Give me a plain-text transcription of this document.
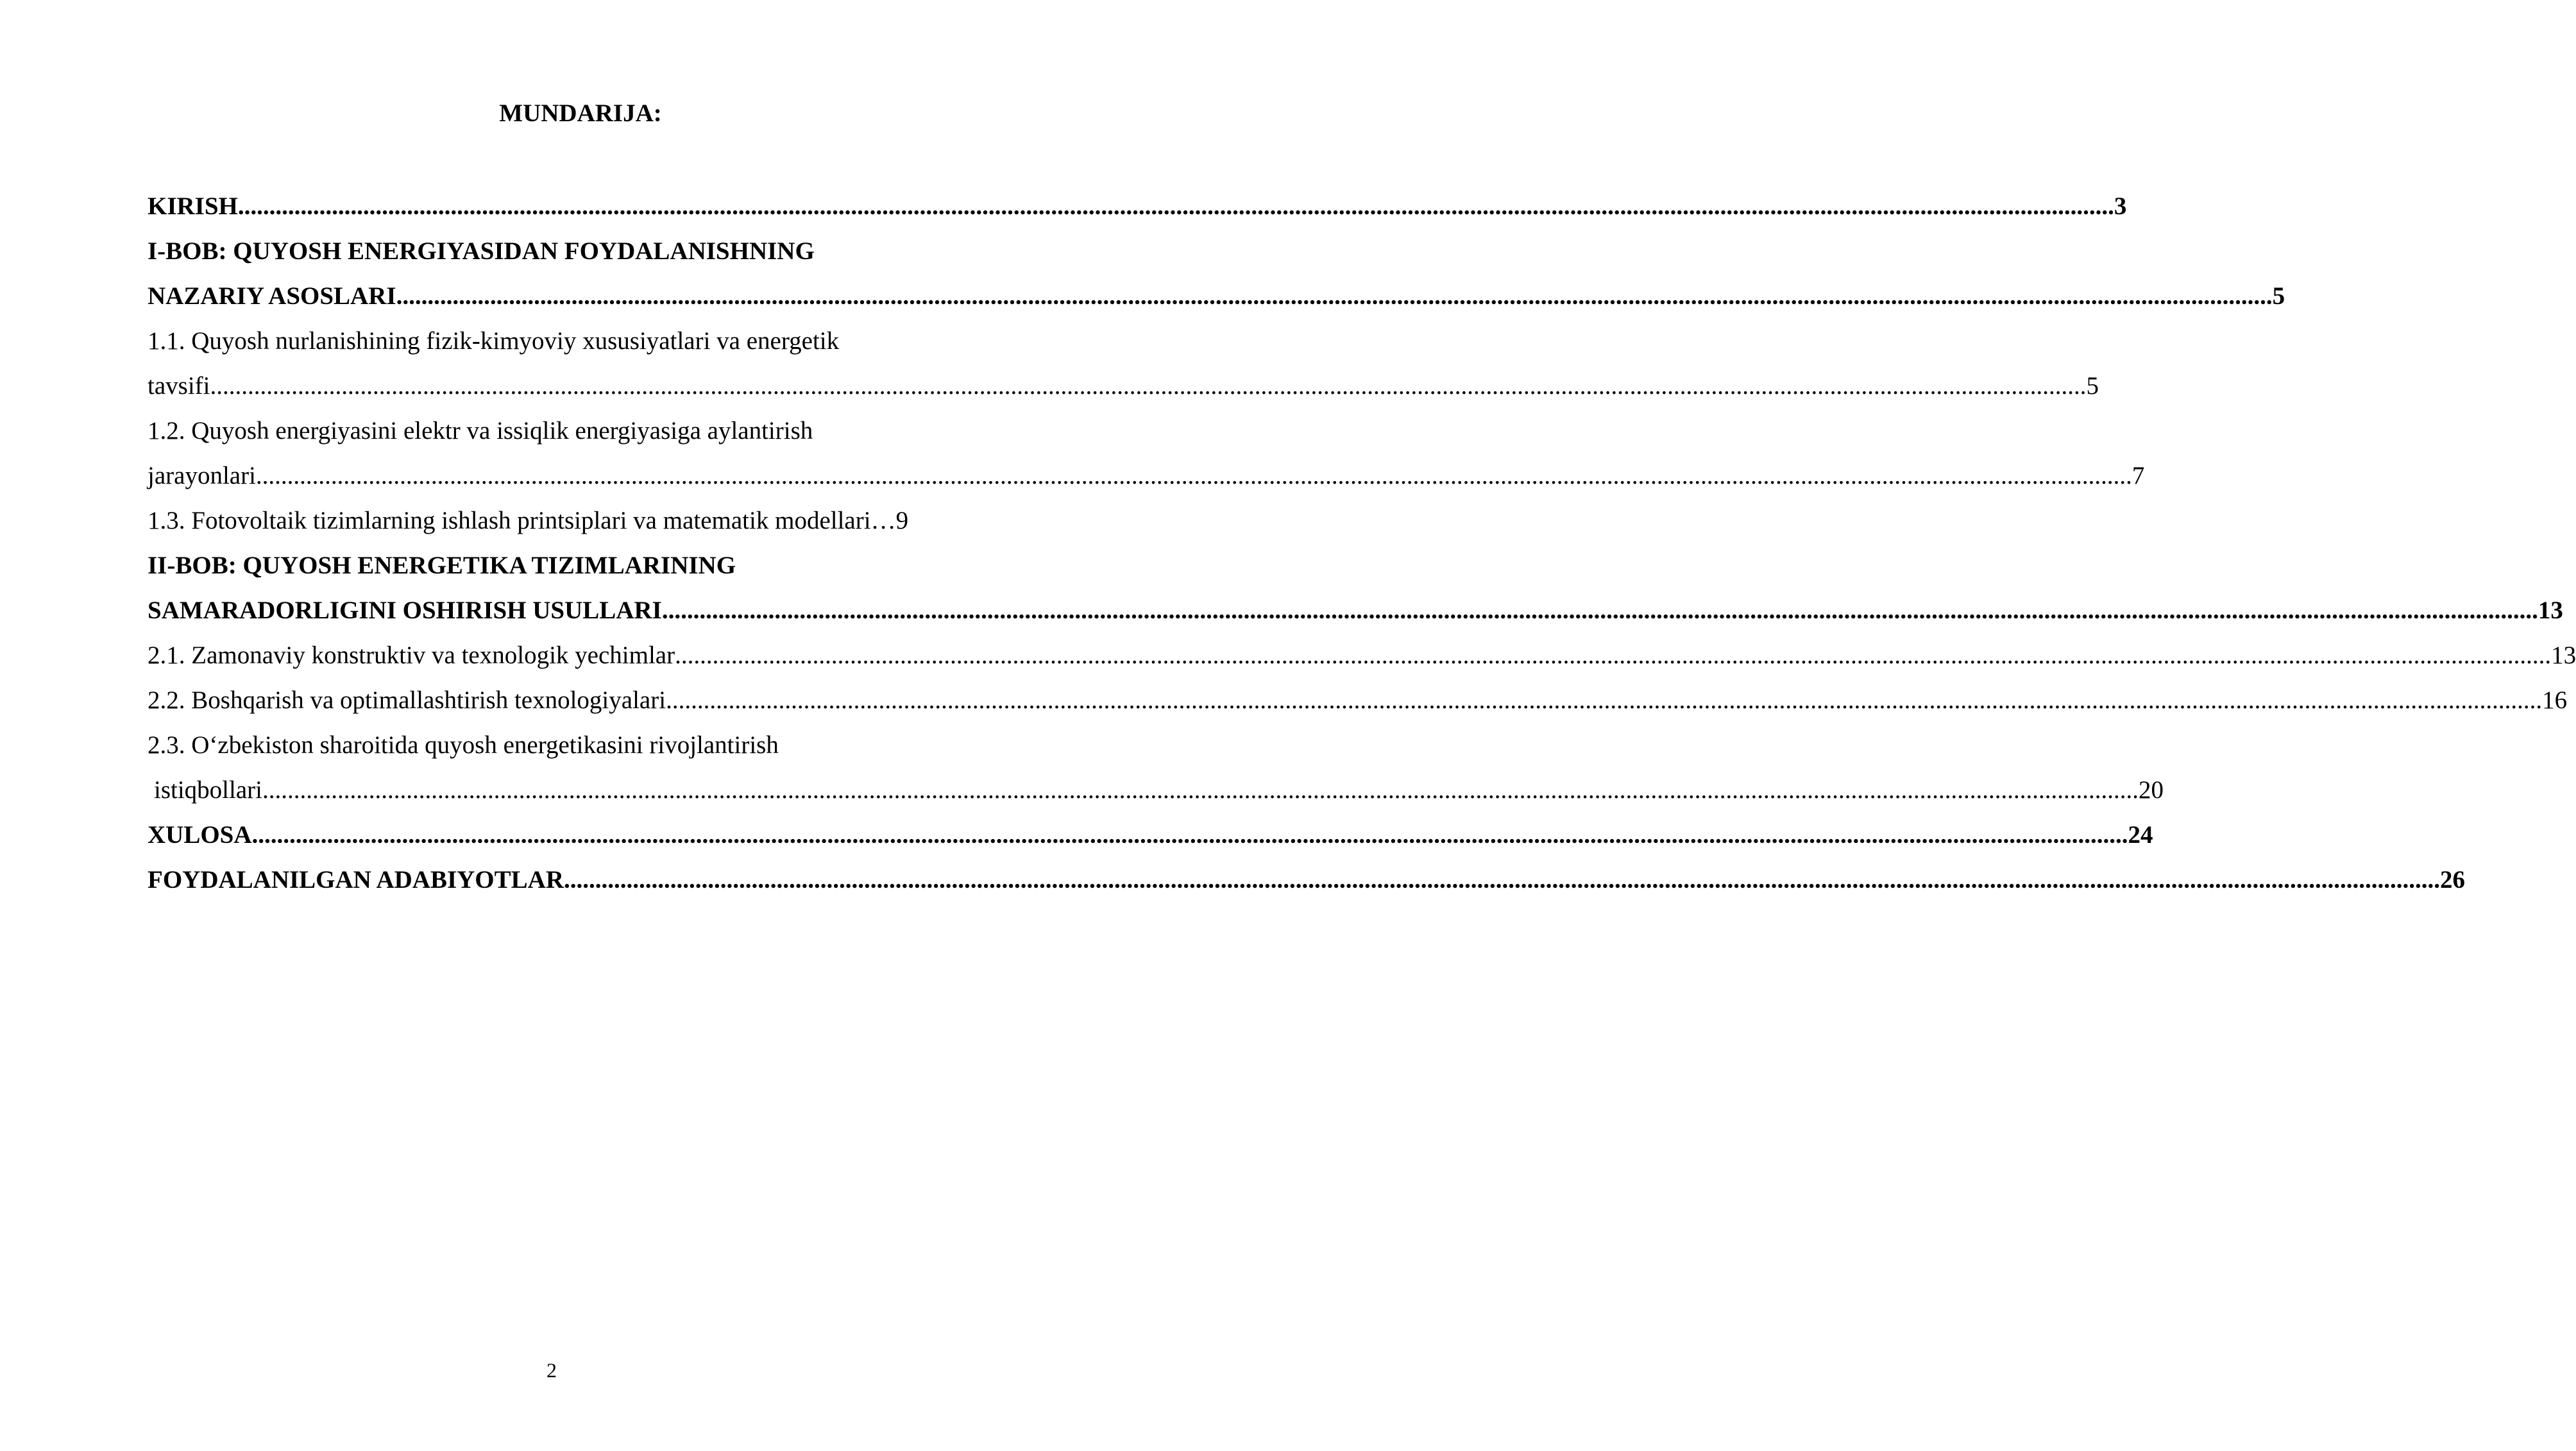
MUNDARIJA:
KIRISH ............................................................................................................................................................................................................................................................................................................ 3
I-BOB: QUYOSH ENERGIYASIDAN FOYDALANISHNING
NAZARIY ASOSLARI ............................................................................................................................................................................................................................................................................................................ 5
1.1. Quyosh nurlanishining fizik-kimyoviy xususiyatlari va energetik
tavsifi ............................................................................................................................................................................................................................................................................................................ 5
1.2. Quyosh energiyasini elektr va issiqlik energiyasiga aylantirish
jarayonlari ............................................................................................................................................................................................................................................................................................................ 7
1.3. Fotovoltaik tizimlarning ishlash printsiplari va matematik modellari … 9
II-BOB: QUYOSH ENERGETIKA TIZIMLARINING
SAMARADORLIGINI OSHIRISH USULLARI ............................................................................................................................................................................................................................................................................................................ 13
2.1. Zamonaviy konstruktiv va texnologik yechimlar ............................................................................................................................................................................................................................................................................................................ 13
2.2. Boshqarish va optimallashtirish texnologiyalari ............................................................................................................................................................................................................................................................................................................ 16
2.3. O‘zbekiston sharoitida quyosh energetikasini rivojlantirish
istiqbollari ............................................................................................................................................................................................................................................................................................................ 20
XULOSA ............................................................................................................................................................................................................................................................................................................ 24
FOYDALANILGAN ADABIYOTLAR ............................................................................................................................................................................................................................................................................................................ 26
2
